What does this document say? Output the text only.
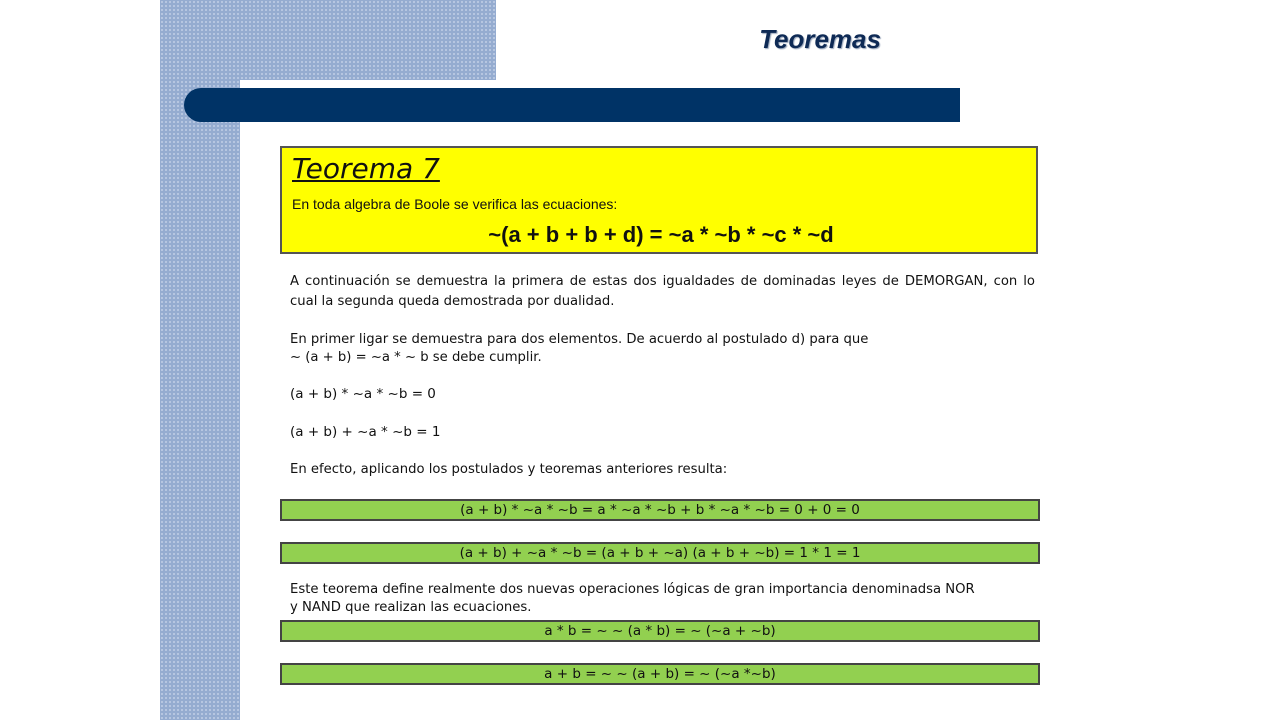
Teoremas
Teorema 7
En toda algebra de Boole se verifica las ecuaciones:
~(a + b + b + d) = ~a * ~b * ~c * ~d
A continuación se demuestra la primera de estas dos igualdades de dominadas leyes de DEMORGAN, con lo cual la segunda queda demostrada por dualidad.
En primer ligar se demuestra para dos elementos. De acuerdo al postulado d) para que
~ (a + b) = ~a * ~ b se debe cumplir.
(a + b) * ~a * ~b = 0
(a + b) + ~a * ~b = 1
En efecto, aplicando los postulados y teoremas anteriores resulta:
(a + b) * ~a * ~b = a * ~a * ~b + b * ~a * ~b = 0 + 0 = 0
(a + b) + ~a * ~b = (a + b + ~a) (a + b + ~b) = 1 * 1 = 1
Este teorema define realmente dos nuevas operaciones lógicas de gran importancia denominadsa NOR
y NAND que realizan las ecuaciones.
a * b = ~ ~ (a * b) = ~ (~a + ~b)
a + b = ~ ~ (a + b) = ~ (~a *~b)
